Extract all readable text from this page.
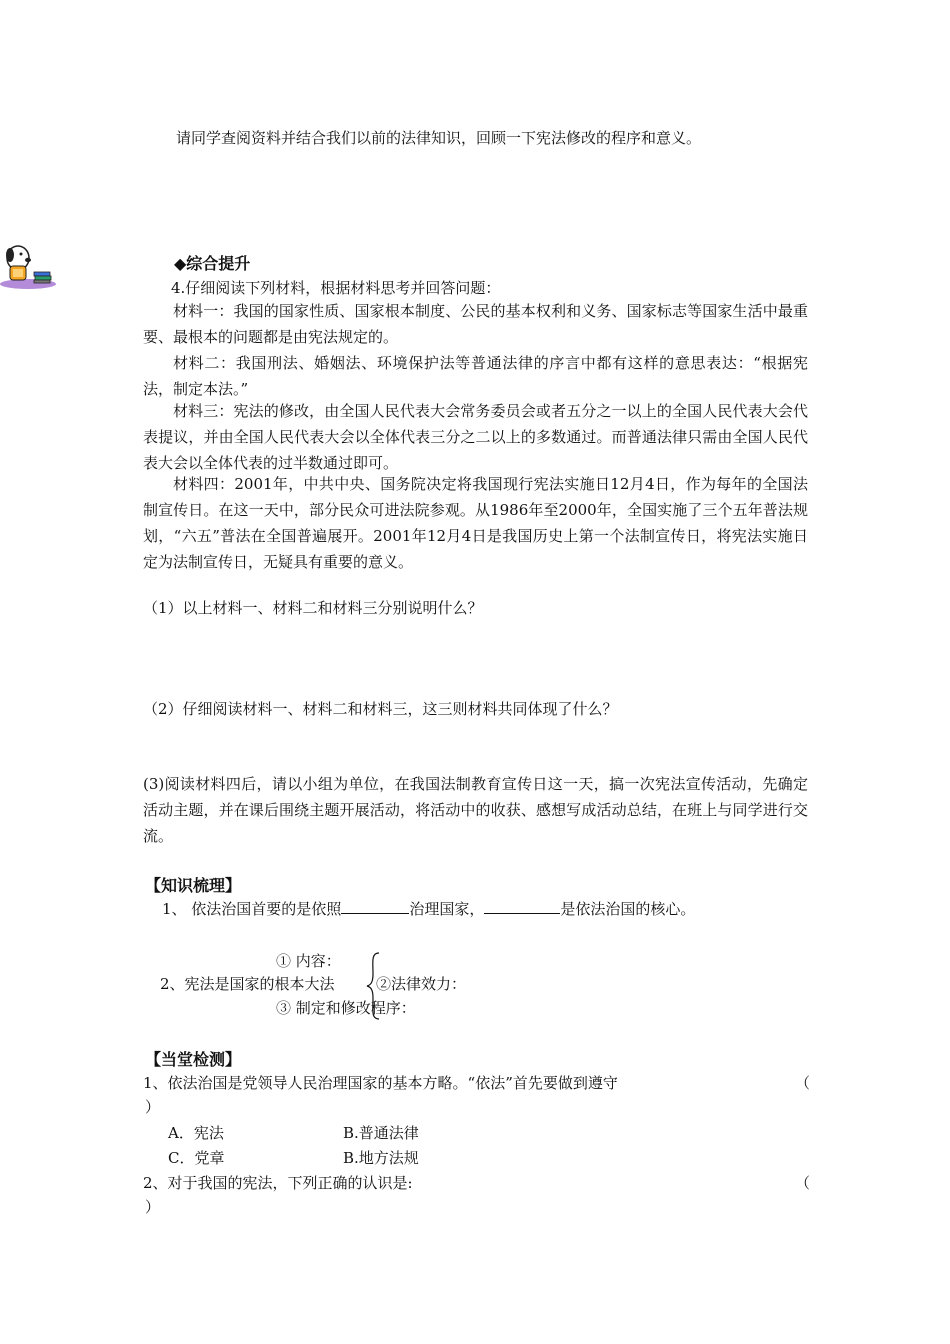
请同学查阅资料并结合我们以前的法律知识，回顾一下宪法修改的程序和意义。
◆综合提升
4.仔细阅读下列材料，根据材料思考并回答问题：
材料一：我国的国家性质、国家根本制度、公民的基本权利和义务、国家标志等国家生活中最重要、最根本的问题都是由宪法规定的。
材料二：我国刑法、婚姻法、环境保护法等普通法律的序言中都有这样的意思表达：“根据宪法，制定本法。”
材料三：宪法的修改，由全国人民代表大会常务委员会或者五分之一以上的全国人民代表大会代表提议，并由全国人民代表大会以全体代表三分之二以上的多数通过。而普通法律只需由全国人民代表大会以全体代表的过半数通过即可。
材料四：2001年，中共中央、国务院决定将我国现行宪法实施日12月4日，作为每年的全国法制宣传日。在这一天中，部分民众可进法院参观。从1986年至2000年，全国实施了三个五年普法规划，“六五”普法在全国普遍展开。2001年12月4日是我国历史上第一个法制宣传日，将宪法实施日定为法制宣传日，无疑具有重要的意义。
（1）以上材料一、材料二和材料三分别说明什么？
（2）仔细阅读材料一、材料二和材料三，这三则材料共同体现了什么？
(3)阅读材料四后，请以小组为单位，在我国法制教育宣传日这一天，搞一次宪法宣传活动，先确定活动主题，并在课后围绕主题开展活动，将活动中的收获、感想写成活动总结，在班上与同学进行交流。
【知识梳理】
1、 依法治国首要的是依照	治理国家，	是依法治国的核心。
① 内容：
2、宪法是国家的根本大法	②法律效力：
③ 制定和修改程序：
【当堂检测】
1、依法治国是党领导人民治理国家的基本方略。“依法”首先要做到遵守	（
）
A．宪法	B.普通法律
C．党章	B.地方法规
2、对于我国的宪法，下列正确的认识是:	（
）
